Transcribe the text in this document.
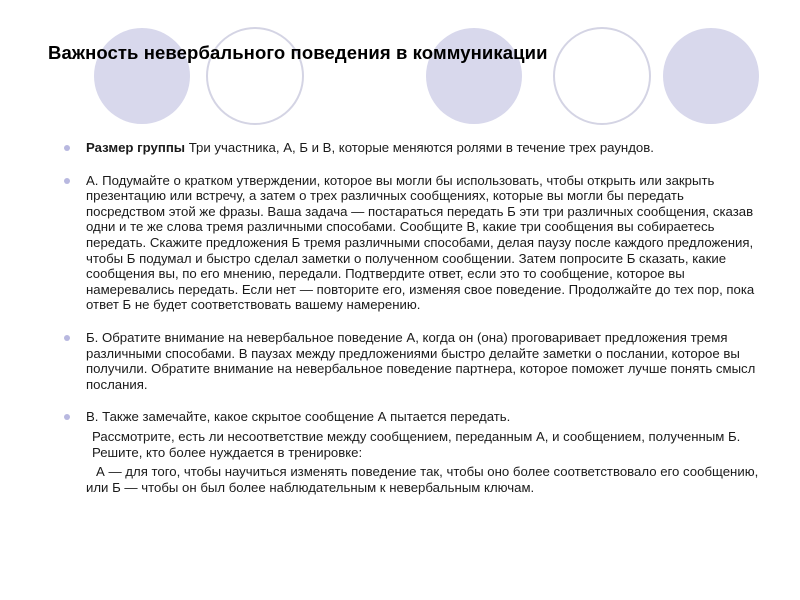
Важность невербального поведения в коммуникации

Размер группы Три участника, А, Б и В, которые меняются ролями в течение трех раундов.

А. Подумайте о кратком утверждении, которое вы могли бы использовать, чтобы открыть или закрыть презентацию или встречу, а затем о трех различных сообщениях, которые вы могли бы передать посредством этой же фразы. Ваша задача — постараться передать Б эти три различных сообщения, сказав одни и те же слова тремя различными способами. Сообщите В, какие три сообщения вы собираетесь передать. Скажите предложения Б тремя различными способами, делая паузу после каждого предложения, чтобы Б подумал и быстро сделал заметки о полученном сообщении. Затем попросите Б сказать, какие сообщения вы, по его мнению, передали. Подтвердите ответ, если это то сообщение, которое вы намеревались передать. Если нет — повторите его, изменяя свое поведение. Продолжайте до тех пор, пока ответ Б не будет соответствовать вашему намерению.

Б. Обратите внимание на невербальное поведение А, когда он (она) проговаривает предложения тремя различными способами. В паузах между предложениями быстро делайте заметки о послании, которое вы получили. Обратите внимание на невербальное поведение партнера, которое поможет лучше понять смысл послания.

В. Также замечайте, какое скрытое сообщение А пытается передать.

Рассмотрите, есть ли несоответствие между сообщением, переданным А, и сообщением, полученным Б. Решите, кто более нуждается в тренировке:

А — для того, чтобы научиться изменять поведение так, чтобы оно более соответствовало его сообщению, или Б — чтобы он был более наблюдательным к невербальным ключам.
